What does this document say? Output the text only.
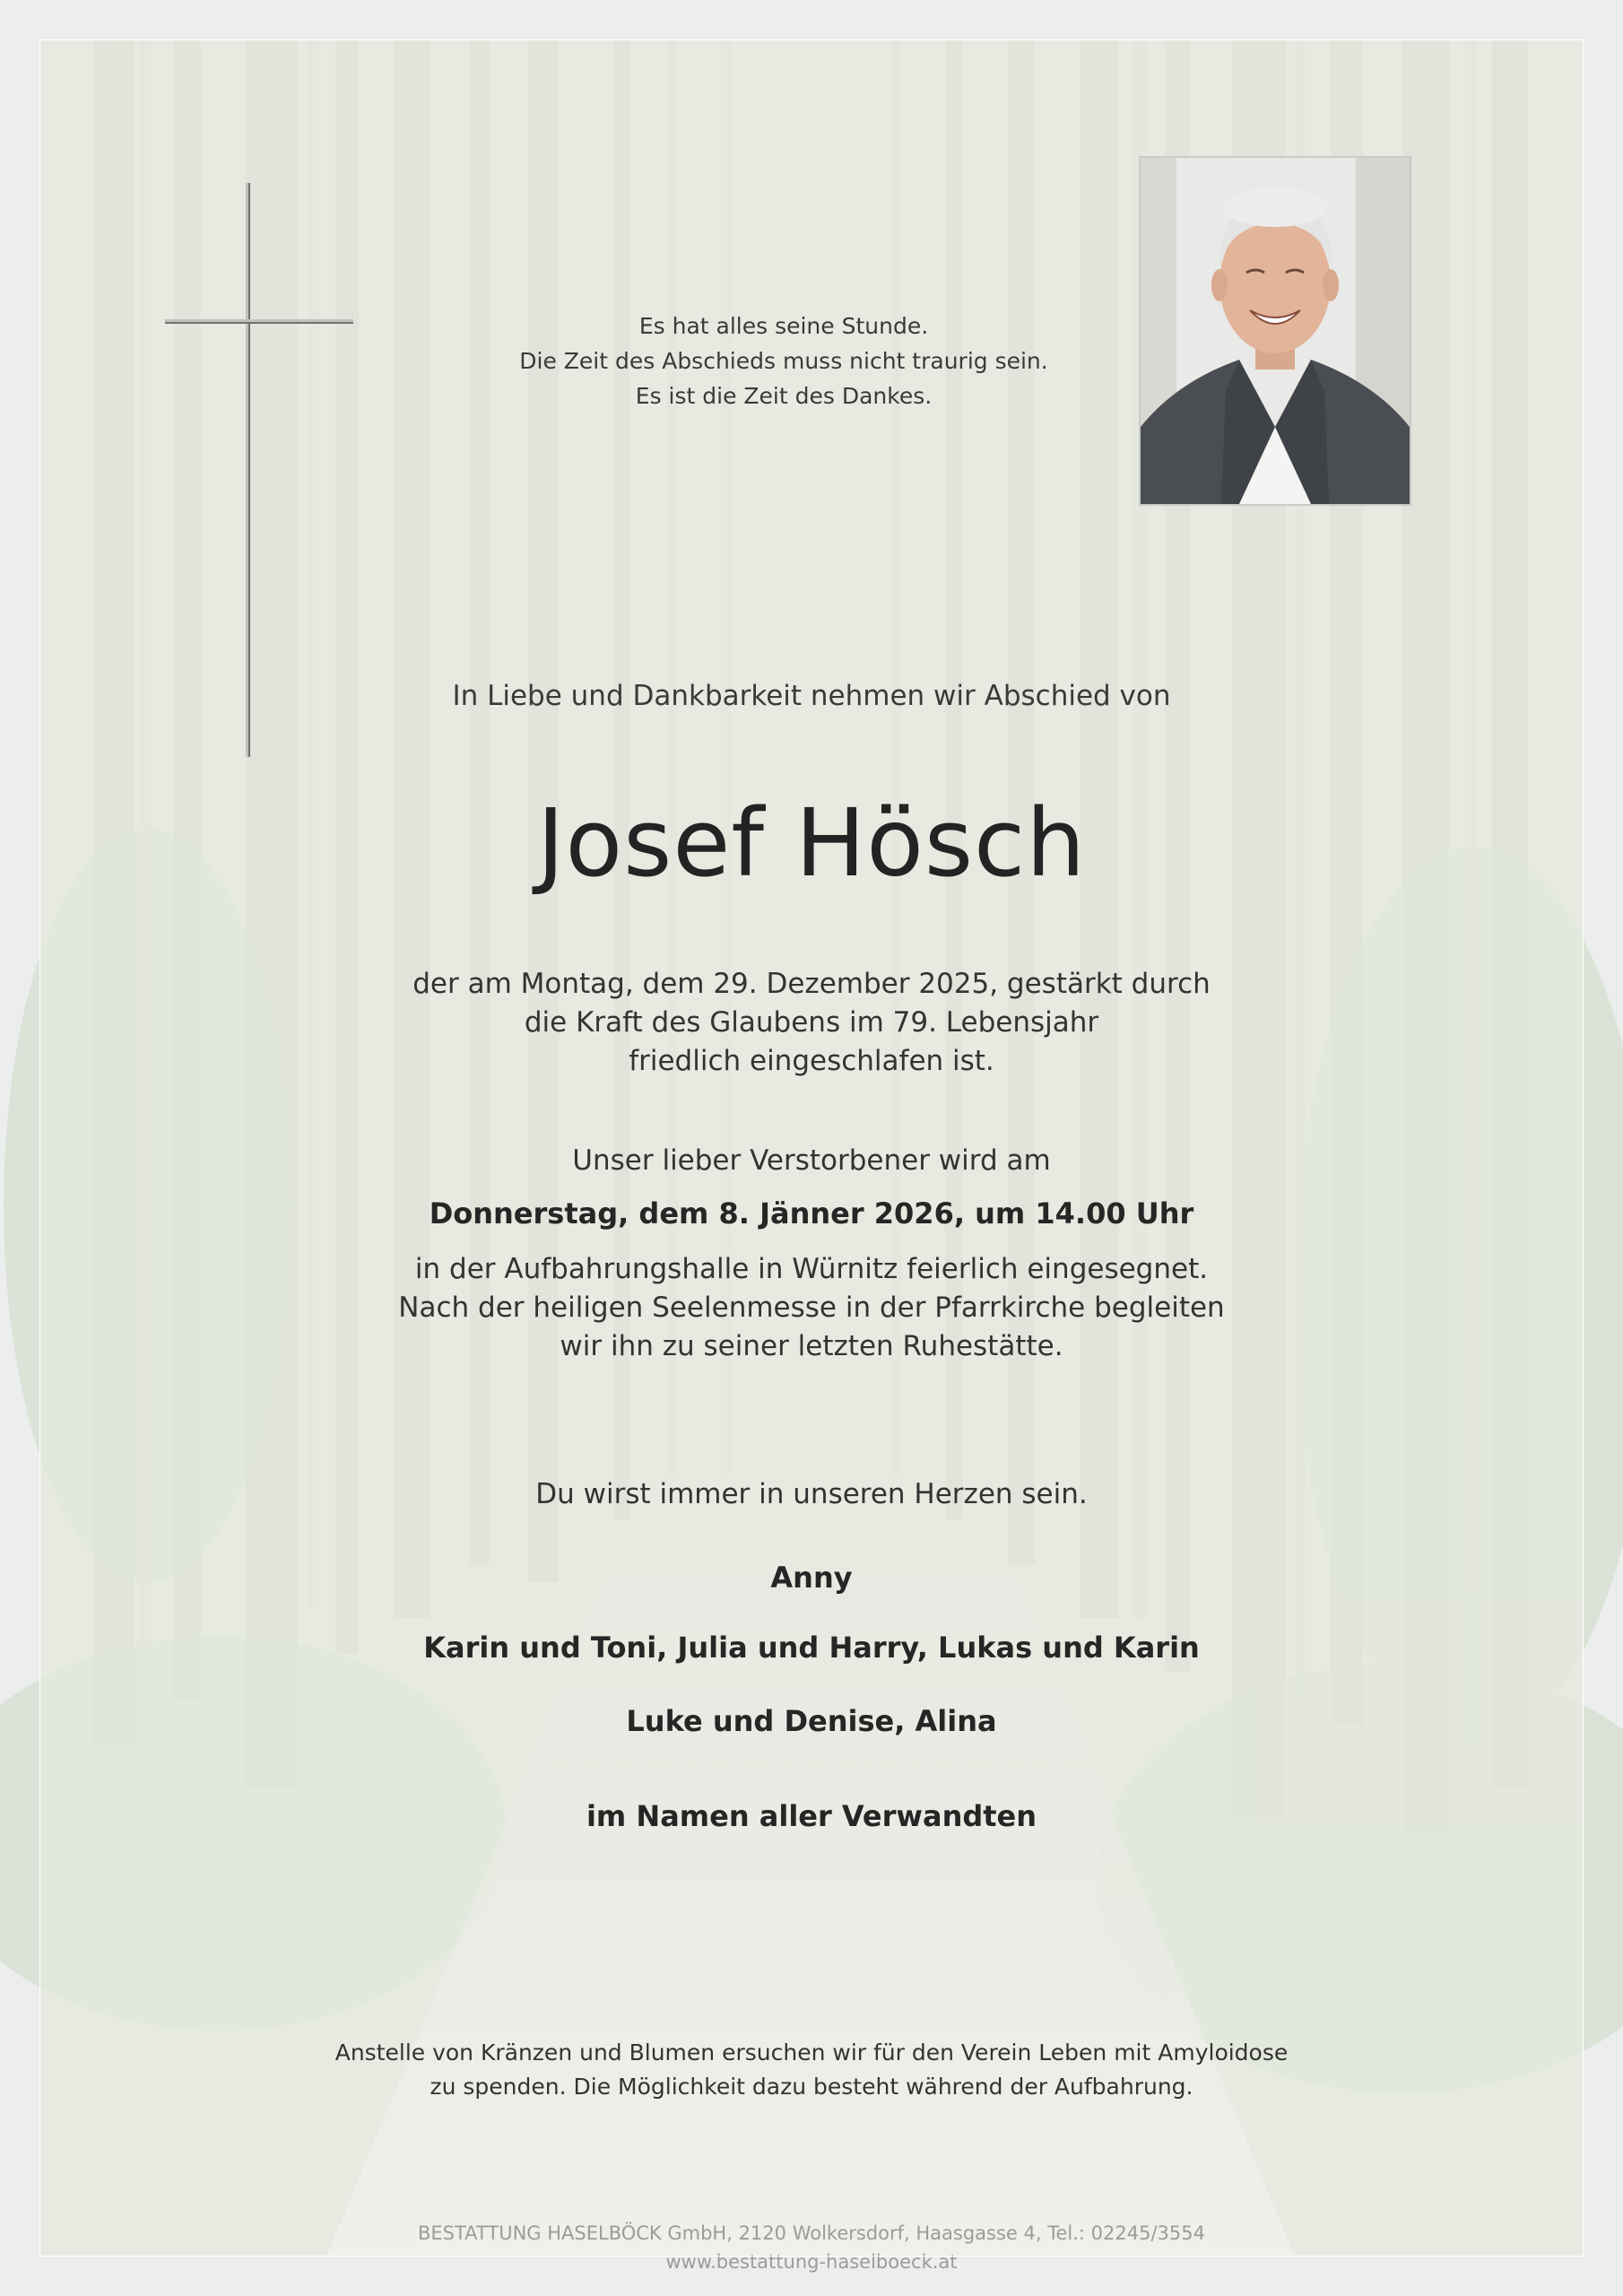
Es hat alles seine Stunde.
Die Zeit des Abschieds muss nicht traurig sein.
Es ist die Zeit des Dankes.
In Liebe und Dankbarkeit nehmen wir Abschied von
Josef Hösch
der am Montag, dem 29. Dezember 2025, gestärkt durch
die Kraft des Glaubens im 79. Lebensjahr
friedlich eingeschlafen ist.
Unser lieber Verstorbener wird am
Donnerstag, dem 8. Jänner 2026, um 14.00 Uhr
in der Aufbahrungshalle in Würnitz feierlich eingesegnet.
Nach der heiligen Seelenmesse in der Pfarrkirche begleiten
wir ihn zu seiner letzten Ruhestätte.
Du wirst immer in unseren Herzen sein.
Anny
Karin und Toni, Julia und Harry, Lukas und Karin
Luke und Denise, Alina
im Namen aller Verwandten
Anstelle von Kränzen und Blumen ersuchen wir für den Verein Leben mit Amyloidose
zu spenden. Die Möglichkeit dazu besteht während der Aufbahrung.
BESTATTUNG HASELBÖCK GmbH, 2120 Wolkersdorf, Haasgasse 4, Tel.: 02245/3554
www.bestattung-haselboeck.at
